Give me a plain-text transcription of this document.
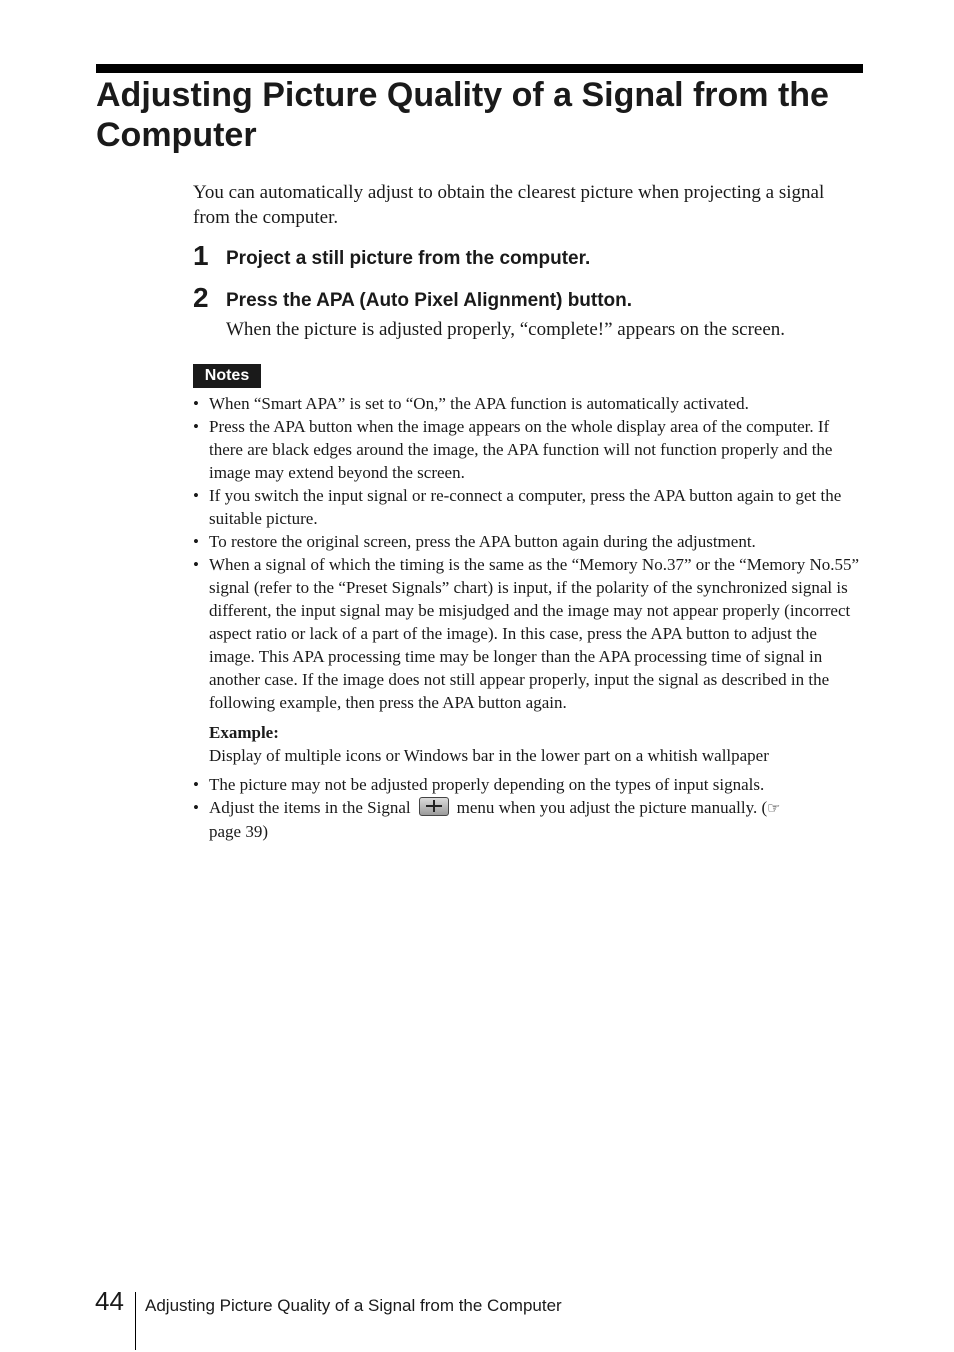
Adjusting Picture Quality of a Signal from the Computer

You can automatically adjust to obtain the clearest picture when projecting a signal from the computer.

1 Project a still picture from the computer.
2 Press the APA (Auto Pixel Alignment) button.
When the picture is adjusted properly, “complete!” appears on the screen.
Notes
• When “Smart APA” is set to “On,” the APA function is automatically activated.
• Press the APA button when the image appears on the whole display area of the computer. If there are black edges around the image, the APA function will not function properly and the image may extend beyond the screen.
• If you switch the input signal or re-connect a computer, press the APA button again to get the suitable picture.
• To restore the original screen, press the APA button again during the adjustment.
• When a signal of which the timing is the same as the “Memory No.37” or the “Memory No.55” signal (refer to the “Preset Signals” chart) is input, if the polarity of the synchronized signal is different, the input signal may be misjudged and the image may not appear properly (incorrect aspect ratio or lack of a part of the image). In this case, press the APA button to adjust the image. This APA processing time may be longer than the APA processing time of signal in another case. If the image does not still appear properly, input the signal as described in the following example, then press the APA button again.
Example:
Display of multiple icons or Windows bar in the lower part on a whitish wallpaper
• The picture may not be adjusted properly depending on the types of input signals.
• Adjust the items in the Signal	menu when you adjust the picture manually. (☞
page 39)
44 Adjusting Picture Quality of a Signal from the Computer
